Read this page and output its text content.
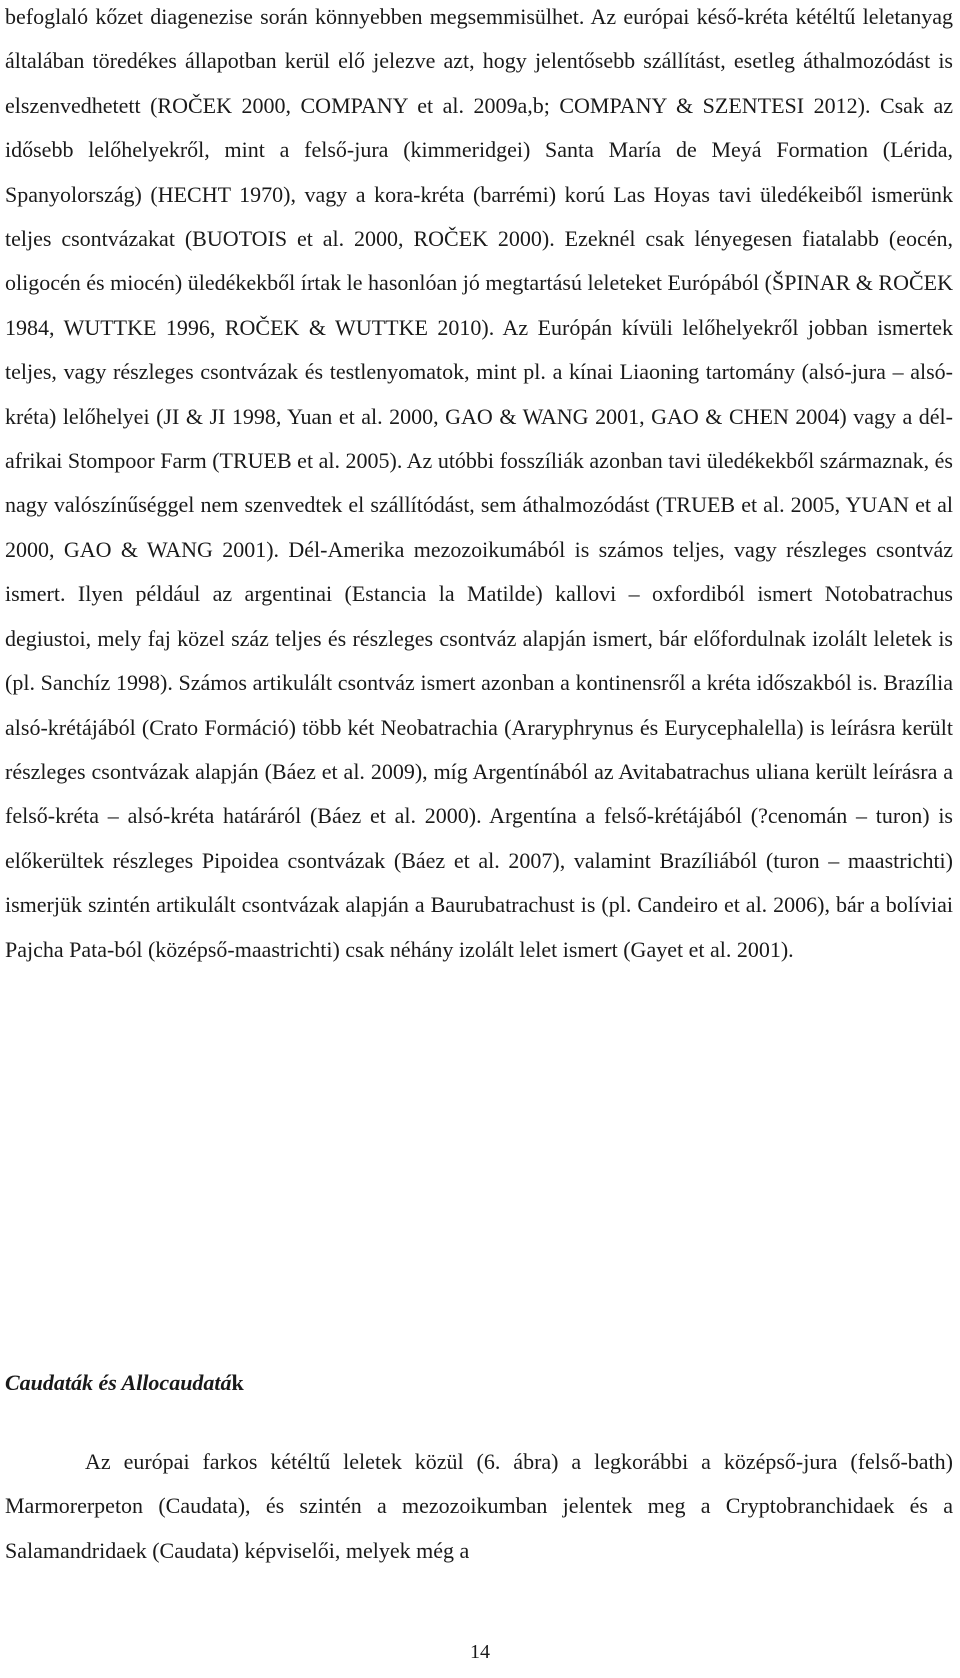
befoglaló kőzet diagenezise során könnyebben megsemmisülhet. Az európai késő-kréta kétéltű leletanyag általában töredékes állapotban kerül elő jelezve azt, hogy jelentősebb szállítást, esetleg áthalmozódást is elszenvedhetett (ROČEK 2000, COMPANY et al. 2009a,b; COMPANY & SZENTESI 2012). Csak az idősebb lelőhelyekről, mint a felső-jura (kimmeridgei) Santa María de Meyá Formation (Lérida, Spanyolország) (HECHT 1970), vagy a kora-kréta (barrémi) korú Las Hoyas tavi üledékeiből ismerünk teljes csontvázakat (BUOTOIS et al. 2000, ROČEK 2000). Ezeknél csak lényegesen fiatalabb (eocén, oligocén és miocén) üledékekből írtak le hasonlóan jó megtartású leleteket Európából (ŠPINAR & ROČEK 1984, WUTTKE 1996, ROČEK & WUTTKE 2010). Az Európán kívüli lelőhelyekről jobban ismertek teljes, vagy részleges csontvázak és testlenyomatok, mint pl. a kínai Liaoning tartomány (alsó-jura – alsó-kréta) lelőhelyei (JI & JI 1998, Yuan et al. 2000, GAO & WANG 2001, GAO & CHEN 2004) vagy a dél-afrikai Stompoor Farm (TRUEB et al. 2005). Az utóbbi fosszíliák azonban tavi üledékekből származnak, és nagy valószínűséggel nem szenvedtek el szállítódást, sem áthalmozódást (TRUEB et al. 2005, YUAN et al 2000, GAO & WANG 2001). Dél-Amerika mezozoikumából is számos teljes, vagy részleges csontváz ismert. Ilyen például az argentinai (Estancia la Matilde) kallovi – oxfordiból ismert Notobatrachus degiustoi, mely faj közel száz teljes és részleges csontváz alapján ismert, bár előfordulnak izolált leletek is (pl. Sanchíz 1998). Számos artikulált csontváz ismert azonban a kontinensről a kréta időszakból is. Brazília alsó-krétájából (Crato Formáció) több két Neobatrachia (Araryphrynus és Eurycephalella) is leírásra került részleges csontvázak alapján (Báez et al. 2009), míg Argentínából az Avitabatrachus uliana került leírásra a felső-kréta – alsó-kréta határáról (Báez et al. 2000). Argentína a felső-krétájából (?cenomán – turon) is előkerültek részleges Pipoidea csontvázak (Báez et al. 2007), valamint Brazíliából (turon – maastrichti) ismerjük szintén artikulált csontvázak alapján a Baurubatrachust is (pl. Candeiro et al. 2006), bár a bolíviai Pajcha Pata-ból (középső-maastrichti) csak néhány izolált lelet ismert (Gayet et al. 2001).

Caudaták és Allocaudaták

Az európai farkos kétéltű leletek közül (6. ábra) a legkorábbi a középső-jura (felső-bath) Marmorerpeton (Caudata), és szintén a mezozoikumban jelentek meg a Cryptobranchidaek és a Salamandridaek (Caudata) képviselői, melyek még a

14
